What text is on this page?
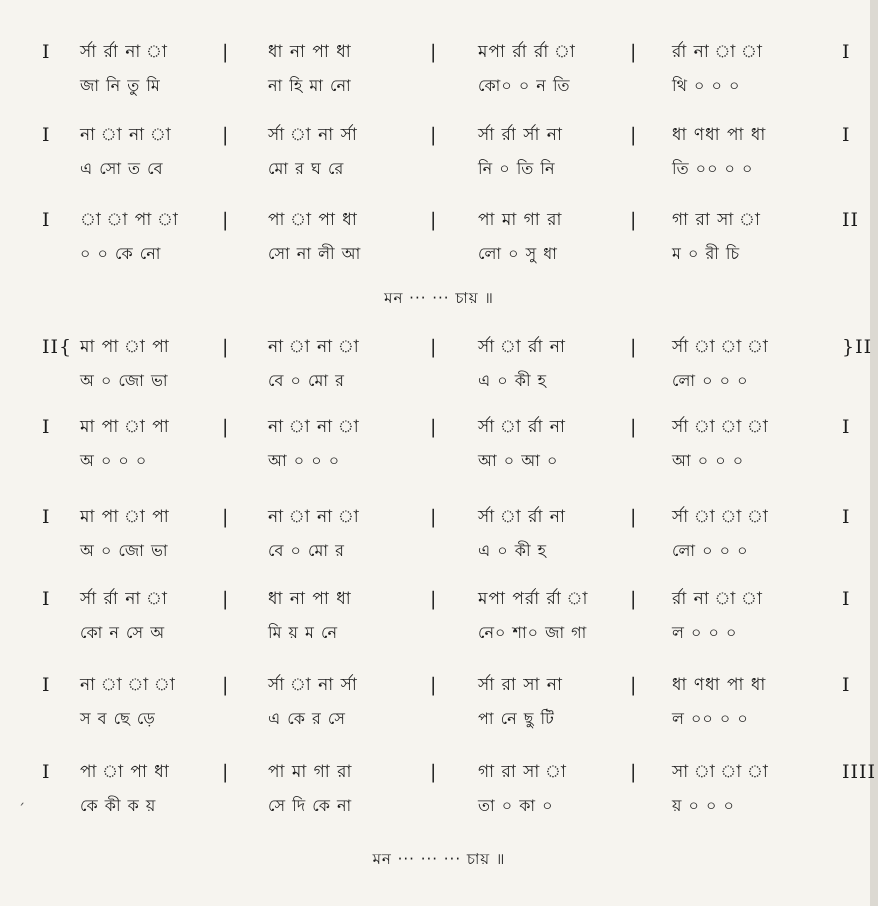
ˏ
I র্সা র্রা না া	| ধা না পা ধা	| মপা র্রা র্রা া	| র্রা না া া	I
জা নি তু মি	না হি মা নো	কো০ ০ ন তি	থি ০ ০ ০
I না া না া	| র্সা া না র্সা	| র্সা র্রা র্সা না	| ধা ণধা পা ধা	I
এ সো ত বে	মো র ঘ রে	নি ০ তি নি	তি ০০ ০ ০
I া া পা া | পা া পা ধা	| পা মা গা রা	| গা রা সা া	II
০ ০ কে নো	সো না লী আ	লো ০ সু ধা	ম ০ রী চি
II{ মা পা া পা	| না া না া	| র্সা া র্রা না	| র্সা া া া	}II
অ ০ জো ভা	বে ০ মো র	এ ০ কী হ	লো ০ ০ ০
I মা পা া পা	| না া না া	| র্সা া র্রা না	| র্সা া া া	I
অ ০ ০ ০	আ ০ ০ ০	আ ০ আ ০	আ ০ ০ ০
I মা পা া পা	| না া না া	| র্সা া র্রা না	| র্সা া া া	I
অ ০ জো ভা	বে ০ মো র	এ ০ কী হ	লো ০ ০ ০
I র্সা র্রা না া	| ধা না পা ধা	| মপা পর্রা র্রা া | র্রা না া া	I
কো ন সে অ	মি য় ম নে	নে০ শা০ জা গা	ল ০ ০ ০
I না া া া | র্সা া না র্সা	| র্সা রা সা না	| ধা ণধা পা ধা	I
স ব ছে ড়ে	এ কে র সে	পা নে ছু টি	ল ০০ ০ ০
I পা া পা ধা	| পা মা গা রা	| গা রা সা া	| সা া া া	IIII
কে কী ক য়	সে দি কে না	তা ০ কা ০	য় ০ ০ ০
মন ··· ··· চায় ॥
মন ··· ··· ··· চায় ॥
